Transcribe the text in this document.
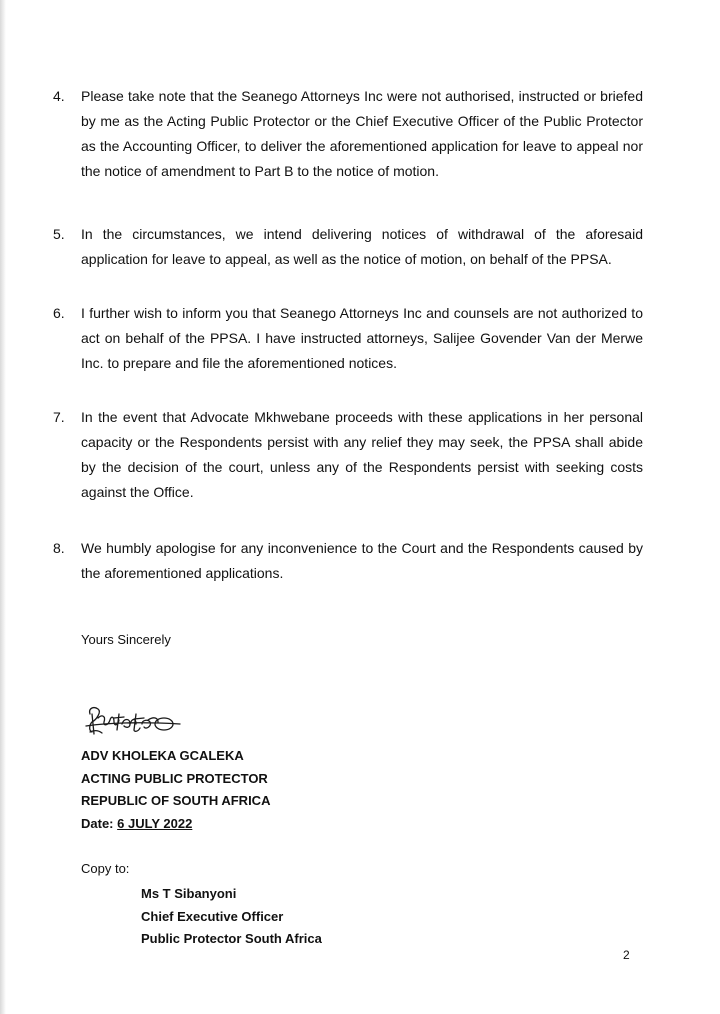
4.	Please take note that the Seanego Attorneys Inc were not authorised, instructed or briefed by me as the Acting Public Protector or the Chief Executive Officer of the Public Protector as the Accounting Officer, to deliver the aforementioned application for leave to appeal nor the notice of amendment to Part B to the notice of motion.
5.	In the circumstances, we intend delivering notices of withdrawal of the aforesaid application for leave to appeal, as well as the notice of motion, on behalf of the PPSA.
6.	I further wish to inform you that Seanego Attorneys Inc and counsels are not authorized to act on behalf of the PPSA. I have instructed attorneys, Salijee Govender Van der Merwe Inc. to prepare and file the aforementioned notices.
7.	In the event that Advocate Mkhwebane proceeds with these applications in her personal capacity or the Respondents persist with any relief they may seek, the PPSA shall abide by the decision of the court, unless any of the Respondents persist with seeking costs against the Office.
8.	We humbly apologise for any inconvenience to the Court and the Respondents caused by the aforementioned applications.
Yours Sincerely
ADV KHOLEKA GCALEKA
ACTING PUBLIC PROTECTOR
REPUBLIC OF SOUTH AFRICA
Date: 6 JULY 2022
Copy to:
Ms T Sibanyoni
Chief Executive Officer
Public Protector South Africa
2
